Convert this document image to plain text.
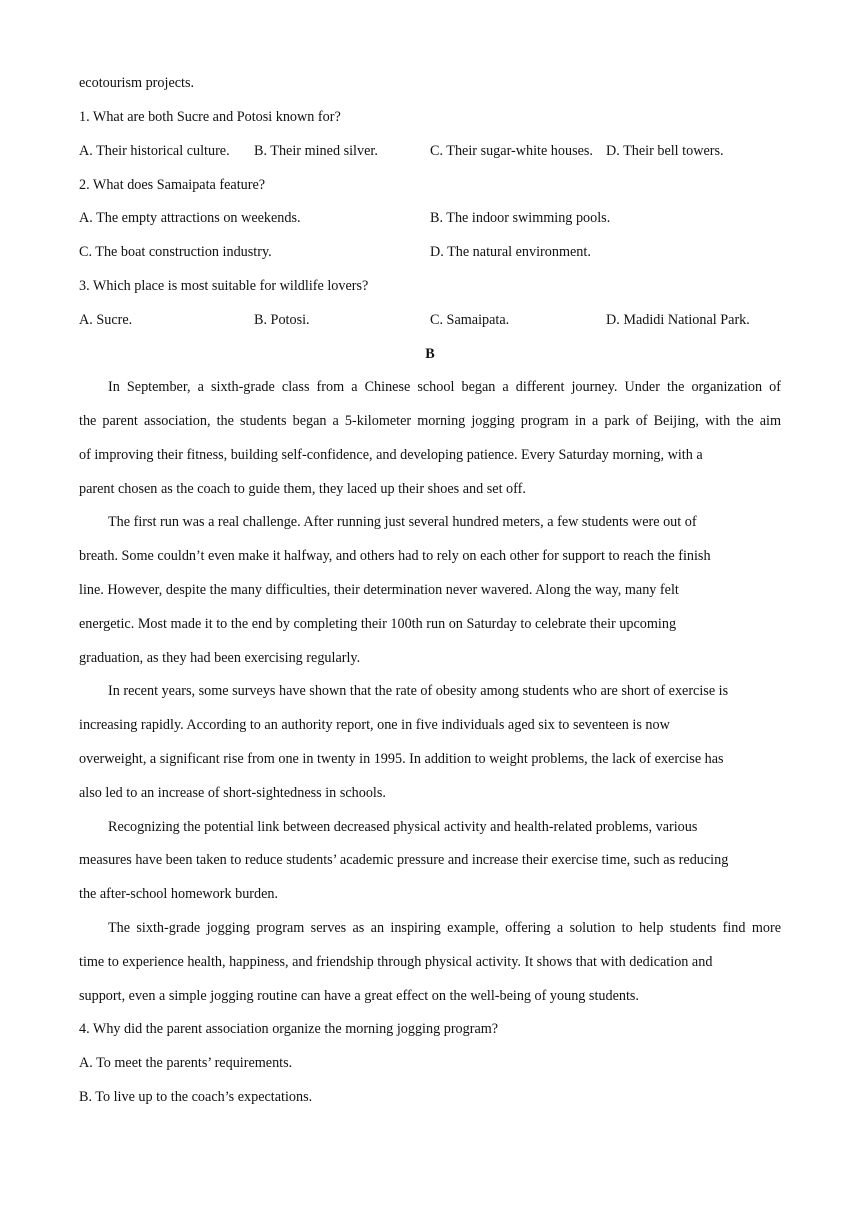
ecotourism projects.
1. What are both Sucre and Potosi known for?
A. Their historical culture. B. Their mined silver.	C. Their sugar-white houses. D. Their bell towers.
2. What does Samaipata feature?
A. The empty attractions on weekends.	B. The indoor swimming pools.
C. The boat construction industry.	D. The natural environment.
3. Which place is most suitable for wildlife lovers?
A. Sucre.	B. Potosi.	C. Samaipata.	D. Madidi National Park.
B
In September, a sixth-grade class from a Chinese school began a different journey. Under the organization of
the parent association, the students began a 5-kilometer morning jogging program in a park of Beijing, with the aim
of improving their fitness, building self-confidence, and developing patience. Every Saturday morning, with a
parent chosen as the coach to guide them, they laced up their shoes and set off.
The first run was a real challenge. After running just several hundred meters, a few students were out of
breath. Some couldn’t even make it halfway, and others had to rely on each other for support to reach the finish
line. However, despite the many difficulties, their determination never wavered. Along the way, many felt
energetic. Most made it to the end by completing their 100th run on Saturday to celebrate their upcoming
graduation, as they had been exercising regularly.
In recent years, some surveys have shown that the rate of obesity among students who are short of exercise is
increasing rapidly. According to an authority report, one in five individuals aged six to seventeen is now
overweight, a significant rise from one in twenty in 1995. In addition to weight problems, the lack of exercise has
also led to an increase of short-sightedness in schools.
Recognizing the potential link between decreased physical activity and health-related problems, various
measures have been taken to reduce students’ academic pressure and increase their exercise time, such as reducing
the after-school homework burden.
The sixth-grade jogging program serves as an inspiring example, offering a solution to help students find more
time to experience health, happiness, and friendship through physical activity. It shows that with dedication and
support, even a simple jogging routine can have a great effect on the well-being of young students.
4. Why did the parent association organize the morning jogging program?
A. To meet the parents’ requirements.
B. To live up to the coach’s expectations.
